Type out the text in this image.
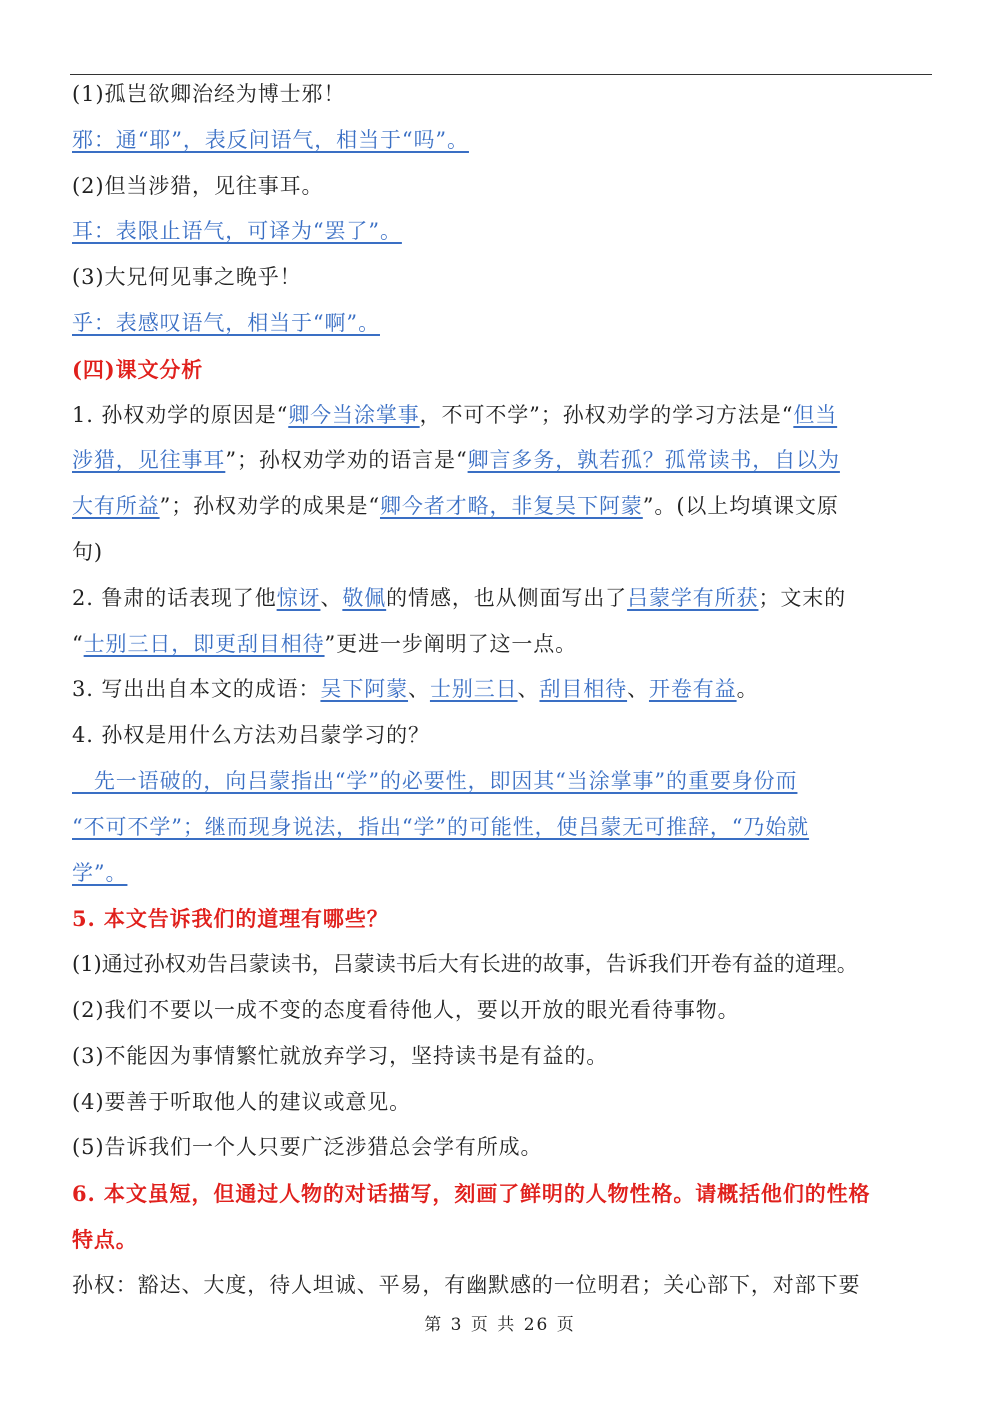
(1)孤岂欲卿治经为博士邪！
邪：通“耶”，表反问语气，相当于“吗”。
(2)但当涉猎，见往事耳。
耳：表限止语气，可译为“罢了”。
(3)大兄何见事之晚乎！
乎：表感叹语气，相当于“啊”。
(四)课文分析
1. 孙权劝学的原因是“卿今当涂掌事，不可不学”；孙权劝学的学习方法是“但当
涉猎，见往事耳”；孙权劝学劝的语言是“卿言多务，孰若孤？孤常读书，自以为
大有所益”；孙权劝学的成果是“卿今者才略，非复吴下阿蒙”。(以上均填课文原
句)
2. 鲁肃的话表现了他惊讶、敬佩的情感，也从侧面写出了吕蒙学有所获；文末的
“士别三日，即更刮目相待”更进一步阐明了这一点。
3. 写出出自本文的成语：吴下阿蒙、士别三日、刮目相待、开卷有益。
4. 孙权是用什么方法劝吕蒙学习的？
　先一语破的，向吕蒙指出“学”的必要性，即因其“当涂掌事”的重要身份而
“不可不学”；继而现身说法，指出“学”的可能性，使吕蒙无可推辞，“乃始就
学”。
5. 本文告诉我们的道理有哪些？
(1)通过孙权劝告吕蒙读书，吕蒙读书后大有长进的故事，告诉我们开卷有益的道理。
(2)我们不要以一成不变的态度看待他人，要以开放的眼光看待事物。
(3)不能因为事情繁忙就放弃学习，坚持读书是有益的。
(4)要善于听取他人的建议或意见。
(5)告诉我们一个人只要广泛涉猎总会学有所成。
6. 本文虽短，但通过人物的对话描写，刻画了鲜明的人物性格。请概括他们的性格
特点。
孙权：豁达、大度，待人坦诚、平易，有幽默感的一位明君；关心部下，对部下要
第 3 页 共 26 页
